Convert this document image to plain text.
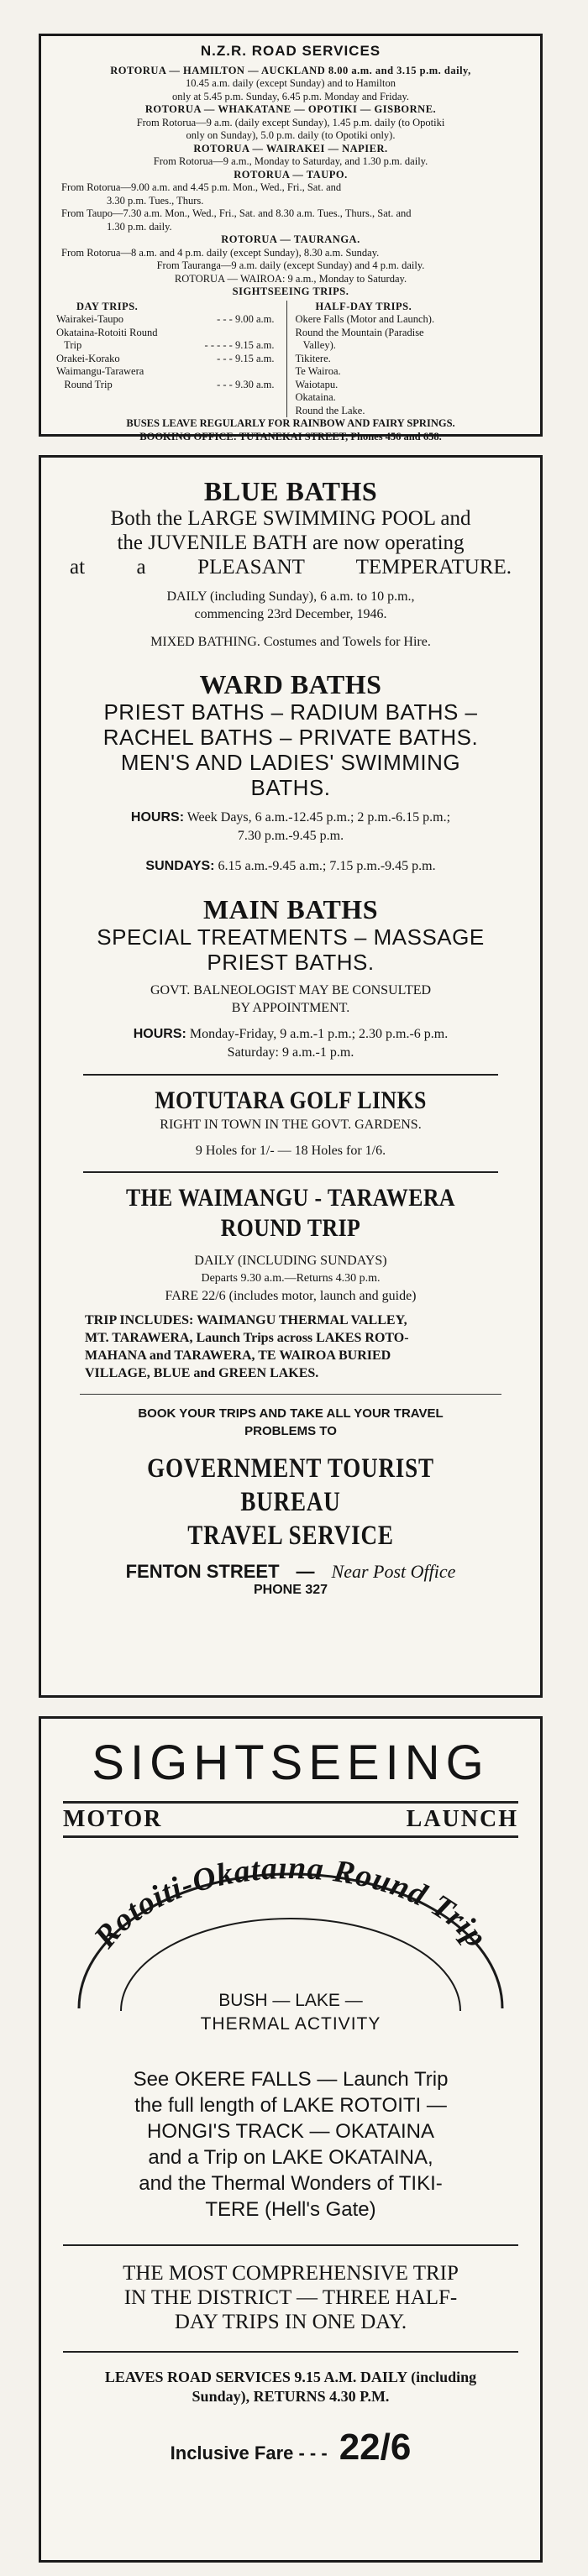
N.Z.R. ROAD SERVICES
ROTORUA — HAMILTON — AUCKLAND 8.00 a.m. and 3.15 p.m. daily,
10.45 a.m. daily (except Sunday) and to Hamilton
only at 5.45 p.m. Sunday, 6.45 p.m. Monday and Friday.
ROTORUA — WHAKATANE — OPOTIKI — GISBORNE.
From Rotorua—9 a.m. (daily except Sunday), 1.45 p.m. daily (to Opotiki
only on Sunday), 5.0 p.m. daily (to Opotiki only).
ROTORUA — WAIRAKEI — NAPIER.
From Rotorua—9 a.m., Monday to Saturday, and 1.30 p.m. daily.
ROTORUA — TAUPO.
From Rotorua—9.00 a.m. and 4.45 p.m. Mon., Wed., Fri., Sat. and
3.30 p.m. Tues., Thurs.
From Taupo—7.30 a.m. Mon., Wed., Fri., Sat. and 8.30 a.m. Tues., Thurs., Sat. and
1.30 p.m. daily.
ROTORUA — TAURANGA.
From Rotorua—8 a.m. and 4 p.m. daily (except Sunday), 8.30 a.m. Sunday.
From Tauranga—9 a.m. daily (except Sunday) and 4 p.m. daily.
ROTORUA — WAIROA: 9 a.m., Monday to Saturday.
SIGHTSEEING TRIPS.
DAY TRIPS.
Wairakei-Taupo	- - - 9.00 a.m.
Okataina-Rotoiti Round
Trip	- - - - - 9.15 a.m.
Orakei-Korako	- - - 9.15 a.m.
Waimangu-Tarawera
Round Trip	- - - 9.30 a.m.
HALF-DAY TRIPS.
Okere Falls (Motor and Launch).
Round the Mountain (Paradise
Valley).
Tikitere.
Te Wairoa.
Waiotapu.
Okataina.
Round the Lake.
BUSES LEAVE REGULARLY FOR RAINBOW AND FAIRY SPRINGS.
BOOKING OFFICE: TUTANEKAI STREET, Phones 456 and 658.
BLUE BATHS
Both the LARGE SWIMMING POOL and
the JUVENILE BATH are now operating
at a PLEASANT TEMPERATURE.
DAILY (including Sunday), 6 a.m. to 10 p.m.,
commencing 23rd December, 1946.
MIXED BATHING. Costumes and Towels for Hire.
WARD BATHS
PRIEST BATHS – RADIUM BATHS –
RACHEL BATHS – PRIVATE BATHS.
MEN'S AND LADIES' SWIMMING
BATHS.
HOURS: Week Days, 6 a.m.-12.45 p.m.; 2 p.m.-6.15 p.m.;
7.30 p.m.-9.45 p.m.
SUNDAYS: 6.15 a.m.-9.45 a.m.; 7.15 p.m.-9.45 p.m.
MAIN BATHS
SPECIAL TREATMENTS – MASSAGE
PRIEST BATHS.
GOVT. BALNEOLOGIST MAY BE CONSULTED
BY APPOINTMENT.
HOURS: Monday-Friday, 9 a.m.-1 p.m.; 2.30 p.m.-6 p.m.
Saturday: 9 a.m.-1 p.m.
MOTUTARA GOLF LINKS
RIGHT IN TOWN IN THE GOVT. GARDENS.
9 Holes for 1/- — 18 Holes for 1/6.
THE WAIMANGU - TARAWERA
ROUND TRIP
DAILY (INCLUDING SUNDAYS)
Departs 9.30 a.m.—Returns 4.30 p.m.
FARE 22/6 (includes motor, launch and guide)
TRIP INCLUDES: WAIMANGU THERMAL VALLEY,
MT. TARAWERA, Launch Trips across LAKES ROTO-
MAHANA and TARAWERA, TE WAIROA BURIED
VILLAGE, BLUE and GREEN LAKES.
BOOK YOUR TRIPS AND TAKE ALL YOUR TRAVEL
PROBLEMS TO
GOVERNMENT TOURIST BUREAU
TRAVEL SERVICE
FENTON STREET — Near Post Office
PHONE 327
SIGHTSEEING
MOTOR	LAUNCH
Rotoiti-Okataina Round Trip
BUSH — LAKE —
THERMAL ACTIVITY
See OKERE FALLS — Launch Trip
the full length of LAKE ROTOITI —
HONGI'S TRACK — OKATAINA
and a Trip on LAKE OKATAINA,
and the Thermal Wonders of TIKI-
TERE (Hell's Gate)
THE MOST COMPREHENSIVE TRIP
IN THE DISTRICT — THREE HALF-
DAY TRIPS IN ONE DAY.
LEAVES ROAD SERVICES 9.15 A.M. DAILY (including
Sunday), RETURNS 4.30 P.M.
Inclusive Fare - - - 22/6
